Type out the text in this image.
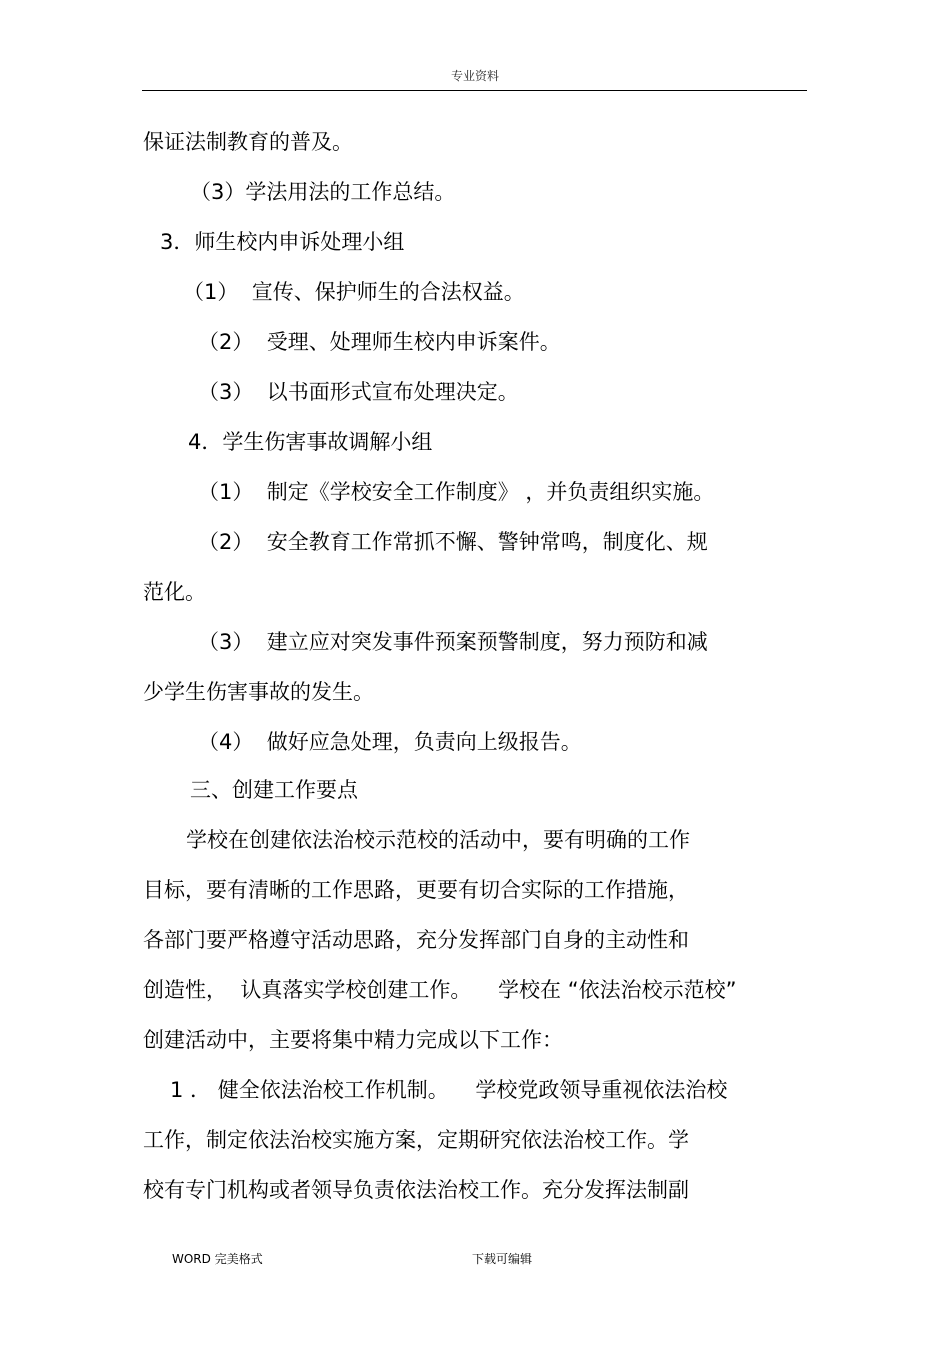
专业资料
保证法制教育的普及。
（3）学法用法的工作总结。
3．师生校内申诉处理小组
（1）  宣传、保护师生的合法权益。
（2）  受理、处理师生校内申诉案件。
（3）  以书面形式宣布处理决定。
4．学生伤害事故调解小组
（1）  制定《学校安全工作制度》 ，并负责组织实施。
（2）  安全教育工作常抓不懈、警钟常鸣，制度化、规
范化。
（3）  建立应对突发事件预案预警制度，努力预防和减
少学生伤害事故的发生。
（4）  做好应急处理，负责向上级报告。
三、创建工作要点
学校在创建依法治校示范校的活动中，要有明确的工作
目标，要有清晰的工作思路，更要有切合实际的工作措施，
各部门要严格遵守活动思路，充分发挥部门自身的主动性和
创造性，  认真落实学校创建工作。    学校在 “依法治校示范校”
创建活动中，主要将集中精力完成以下工作：
1 ． 健全依法治校工作机制。    学校党政领导重视依法治校
工作，制定依法治校实施方案，定期研究依法治校工作。学
校有专门机构或者领导负责依法治校工作。充分发挥法制副
WORD 完美格式	下载可编辑
